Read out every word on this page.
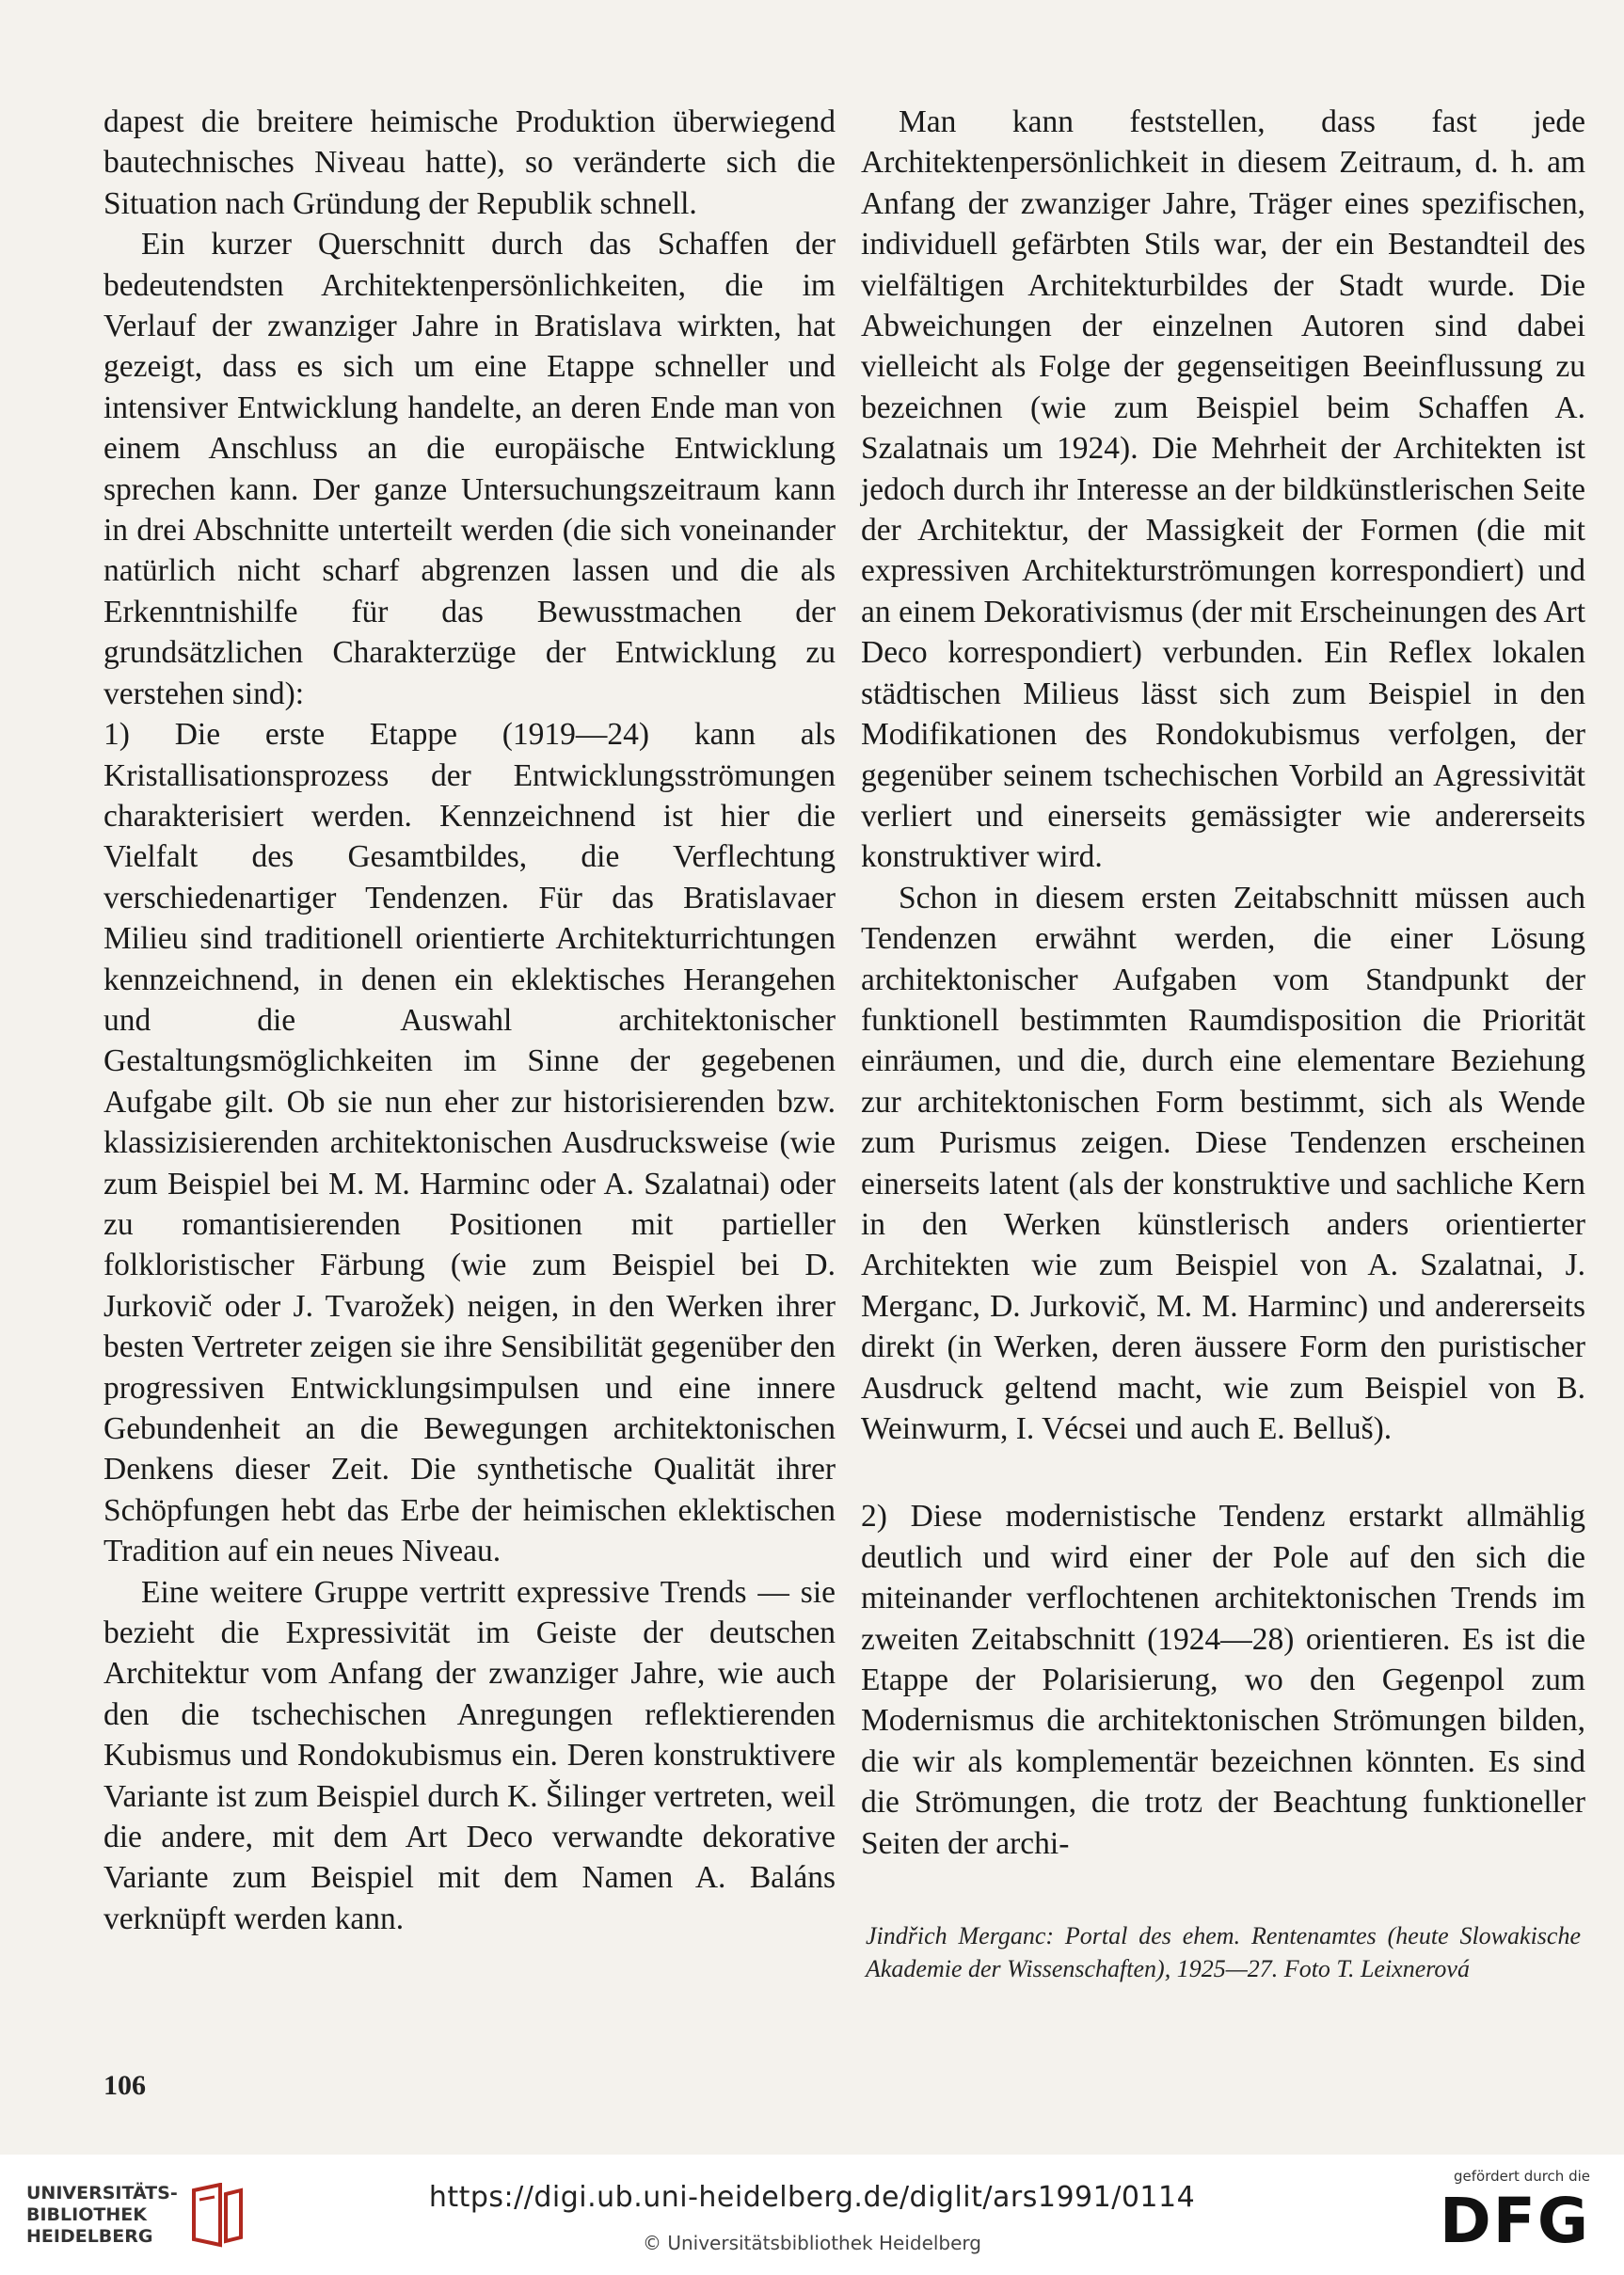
dapest die breitere heimische Produktion überwiegend bautechnisches Niveau hatte), so veränderte sich die Situation nach Gründung der Republik schnell.

Ein kurzer Querschnitt durch das Schaffen der bedeutendsten Architektenpersönlichkeiten, die im Verlauf der zwanziger Jahre in Bratislava wirkten, hat gezeigt, dass es sich um eine Etappe schneller und intensiver Entwicklung handelte, an deren Ende man von einem Anschluss an die europäische Entwicklung sprechen kann. Der ganze Untersuchungszeitraum kann in drei Abschnitte unterteilt werden (die sich voneinander natürlich nicht scharf abgrenzen lassen und die als Erkenntnishilfe für das Bewusstmachen der grundsätzlichen Charakterzüge der Entwicklung zu verstehen sind):

1) Die erste Etappe (1919—24) kann als Kristallisationsprozess der Entwicklungsströmungen charakterisiert werden. Kennzeichnend ist hier die Vielfalt des Gesamtbildes, die Verflechtung verschiedenartiger Tendenzen. Für das Bratislavaer Milieu sind traditionell orientierte Architekturrichtungen kennzeichnend, in denen ein eklektisches Herangehen und die Auswahl architektonischer Gestaltungsmöglichkeiten im Sinne der gegebenen Aufgabe gilt. Ob sie nun eher zur historisierenden bzw. klassizisierenden architektonischen Ausdrucksweise (wie zum Beispiel bei M. M. Harminc oder A. Szalatnai) oder zu romantisierenden Positionen mit partieller folkloristischer Färbung (wie zum Beispiel bei D. Jurkovič oder J. Tvarožek) neigen, in den Werken ihrer besten Vertreter zeigen sie ihre Sensibilität gegenüber den progressiven Entwicklungsimpulsen und eine innere Gebundenheit an die Bewegungen architektonischen Denkens dieser Zeit. Die synthetische Qualität ihrer Schöpfungen hebt das Erbe der heimischen eklektischen Tradition auf ein neues Niveau.

Eine weitere Gruppe vertritt expressive Trends — sie bezieht die Expressivität im Geiste der deutschen Architektur vom Anfang der zwanziger Jahre, wie auch den die tschechischen Anregungen reflektierenden Kubismus und Rondokubismus ein. Deren konstruktivere Variante ist zum Beispiel durch K. Šilinger vertreten, weil die andere, mit dem Art Deco verwandte dekorative Variante zum Beispiel mit dem Namen A. Baláns verknüpft werden kann.

Man kann feststellen, dass fast jede Architektenpersönlichkeit in diesem Zeitraum, d. h. am Anfang der zwanziger Jahre, Träger eines spezifischen, individuell gefärbten Stils war, der ein Bestandteil des vielfältigen Architekturbildes der Stadt wurde. Die Abweichungen der einzelnen Autoren sind dabei vielleicht als Folge der gegenseitigen Beeinflussung zu bezeichnen (wie zum Beispiel beim Schaffen A. Szalatnais um 1924). Die Mehrheit der Architekten ist jedoch durch ihr Interesse an der bildkünstlerischen Seite der Architektur, der Massigkeit der Formen (die mit expressiven Architekturströmungen korrespondiert) und an einem Dekorativismus (der mit Erscheinungen des Art Deco korrespondiert) verbunden. Ein Reflex lokalen städtischen Milieus lässt sich zum Beispiel in den Modifikationen des Rondokubismus verfolgen, der gegenüber seinem tschechischen Vorbild an Agressivität verliert und einerseits gemässigter wie andererseits konstruktiver wird.

Schon in diesem ersten Zeitabschnitt müssen auch Tendenzen erwähnt werden, die einer Lösung architektonischer Aufgaben vom Standpunkt der funktionell bestimmten Raumdisposition die Priorität einräumen, und die, durch eine elementare Beziehung zur architektonischen Form bestimmt, sich als Wende zum Purismus zeigen. Diese Tendenzen erscheinen einerseits latent (als der konstruktive und sachliche Kern in den Werken künstlerisch anders orientierter Architekten wie zum Beispiel von A. Szalatnai, J. Merganc, D. Jurkovič, M. M. Harminc) und andererseits direkt (in Werken, deren äussere Form den puristischer Ausdruck geltend macht, wie zum Beispiel von B. Weinwurm, I. Vécsei und auch E. Belluš).

2) Diese modernistische Tendenz erstarkt allmählig deutlich und wird einer der Pole auf den sich die miteinander verflochtenen architektonischen Trends im zweiten Zeitabschnitt (1924—28) orientieren. Es ist die Etappe der Polarisierung, wo den Gegenpol zum Modernismus die architektonischen Strömungen bilden, die wir als komplementär bezeichnen könnten. Es sind die Strömungen, die trotz der Beachtung funktioneller Seiten der archi-

Jindřich Merganc: Portal des ehem. Rentenamtes (heute Slowakische Akademie der Wissenschaften), 1925—27. Foto T. Leixnerová
106
UNIVERSITÄTS-
BIBLIOTHEK
HEIDELBERG
https://digi.ub.uni-heidelberg.de/diglit/ars1991/0114
© Universitätsbibliothek Heidelberg
gefördert durch die
DFG
